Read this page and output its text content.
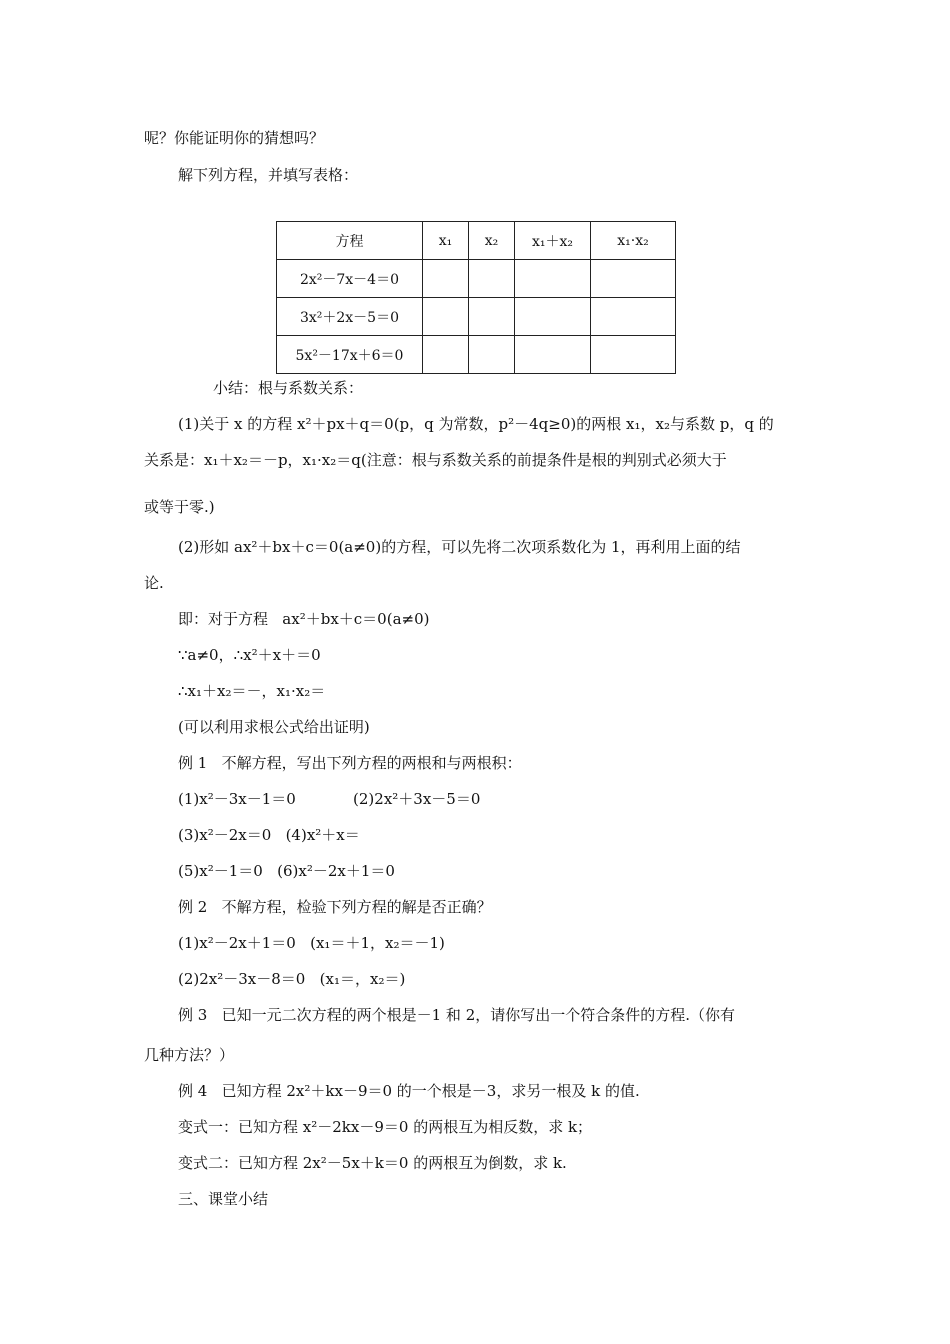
呢？你能证明你的猜想吗？
解下列方程，并填写表格：
方程	x₁	x₂	x₁＋x₂	x₁·x₂
2x²－7x－4＝0				
3x²＋2x－5＝0				
5x²－17x＋6＝0				
小结：根与系数关系：
(1)关于 x 的方程 x²＋px＋q＝0(p，q 为常数，p²－4q≥0)的两根 x₁，x₂与系数 p，q 的
关系是：x₁＋x₂＝－p，x₁·x₂＝q(注意：根与系数关系的前提条件是根的判别式必须大于
或等于零.)
(2)形如 ax²＋bx＋c＝0(a≠0)的方程，可以先将二次项系数化为 1，再利用上面的结
论.
即：对于方程   ax²＋bx＋c＝0(a≠0)
∵a≠0，∴x²＋x＋＝0
∴x₁＋x₂＝－，x₁·x₂＝
(可以利用求根公式给出证明)
例 1   不解方程，写出下列方程的两根和与两根积：
(1)x²－3x－1＝0            (2)2x²＋3x－5＝0
(3)x²－2x＝0   (4)x²＋x＝
(5)x²－1＝0   (6)x²－2x＋1＝0
例 2   不解方程，检验下列方程的解是否正确？
(1)x²－2x＋1＝0   (x₁＝＋1，x₂＝－1)
(2)2x²－3x－8＝0   (x₁＝，x₂＝)
例 3   已知一元二次方程的两个根是－1 和 2，请你写出一个符合条件的方程.（你有
几种方法？）
例 4   已知方程 2x²＋kx－9＝0 的一个根是－3，求另一根及 k 的值.
变式一：已知方程 x²－2kx－9＝0 的两根互为相反数，求 k；
变式二：已知方程 2x²－5x＋k＝0 的两根互为倒数，求 k.
三、课堂小结
